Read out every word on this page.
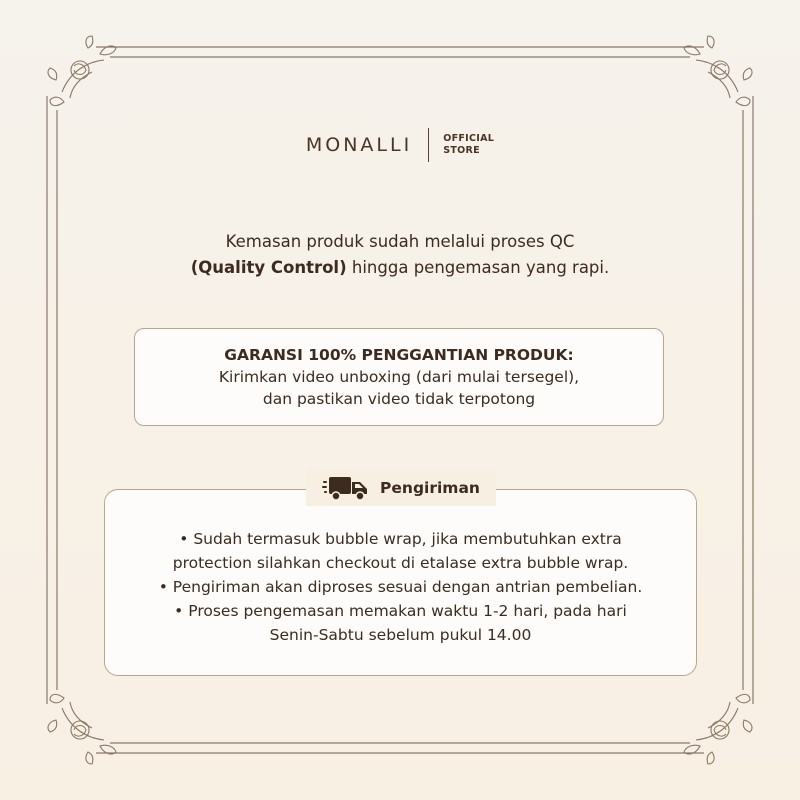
MONALLI	OFFICIAL
STORE
Kemasan produk sudah melalui proses QC
(Quality Control) hingga pengemasan yang rapi.
GARANSI 100% PENGGANTIAN PRODUK:
Kirimkan video unboxing (dari mulai tersegel),
dan pastikan video tidak terpotong
• Sudah termasuk bubble wrap, jika membutuhkan extra
protection silahkan checkout di etalase extra bubble wrap.
• Pengiriman akan diproses sesuai dengan antrian pembelian.
• Proses pengemasan memakan waktu 1-2 hari, pada hari
Senin-Sabtu sebelum pukul 14.00
Pengiriman
